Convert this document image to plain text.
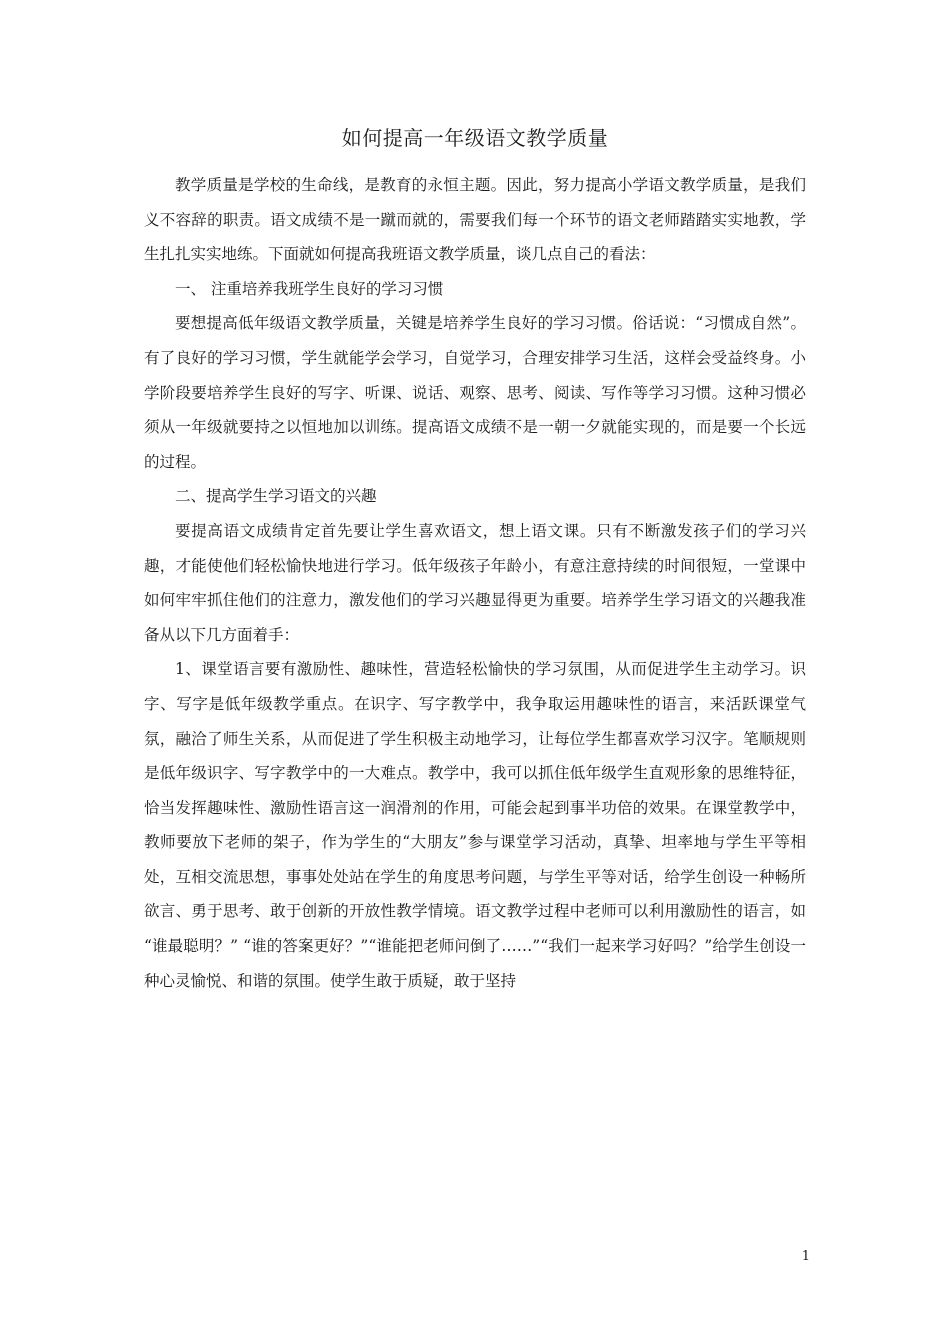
如何提高一年级语文教学质量

教学质量是学校的生命线，是教育的永恒主题。因此，努力提高小学语文教学质量，是我们义不容辞的职责。语文成绩不是一蹴而就的，需要我们每一个环节的语文老师踏踏实实地教，学生扎扎实实地练。下面就如何提高我班语文教学质量，谈几点自己的看法：

一、 注重培养我班学生良好的学习习惯

要想提高低年级语文教学质量，关键是培养学生良好的学习习惯。俗话说：“习惯成自然”。有了良好的学习习惯，学生就能学会学习，自觉学习，合理安排学习生活，这样会受益终身。小学阶段要培养学生良好的写字、听课、说话、观察、思考、阅读、写作等学习习惯。这种习惯必须从一年级就要持之以恒地加以训练。提高语文成绩不是一朝一夕就能实现的，而是要一个长远的过程。

二、提高学生学习语文的兴趣

要提高语文成绩肯定首先要让学生喜欢语文，想上语文课。只有不断激发孩子们的学习兴趣，才能使他们轻松愉快地进行学习。低年级孩子年龄小，有意注意持续的时间很短，一堂课中如何牢牢抓住他们的注意力，激发他们的学习兴趣显得更为重要。培养学生学习语文的兴趣我准备从以下几方面着手：

1、课堂语言要有激励性、趣味性，营造轻松愉快的学习氛围，从而促进学生主动学习。识字、写字是低年级教学重点。在识字、写字教学中，我争取运用趣味性的语言，来活跃课堂气氛，融洽了师生关系，从而促进了学生积极主动地学习，让每位学生都喜欢学习汉字。笔顺规则是低年级识字、写字教学中的一大难点。教学中，我可以抓住低年级学生直观形象的思维特征，恰当发挥趣味性、激励性语言这一润滑剂的作用，可能会起到事半功倍的效果。在课堂教学中，教师要放下老师的架子，作为学生的“大朋友”参与课堂学习活动，真挚、坦率地与学生平等相处，互相交流思想，事事处处站在学生的角度思考问题，与学生平等对话，给学生创设一种畅所欲言、勇于思考、敢于创新的开放性教学情境。语文教学过程中老师可以利用激励性的语言，如 “谁最聪明？” “谁的答案更好？”“谁能把老师问倒了……”“我们一起来学习好吗？”给学生创设一种心灵愉悦、和谐的氛围。使学生敢于质疑，敢于坚持

1
